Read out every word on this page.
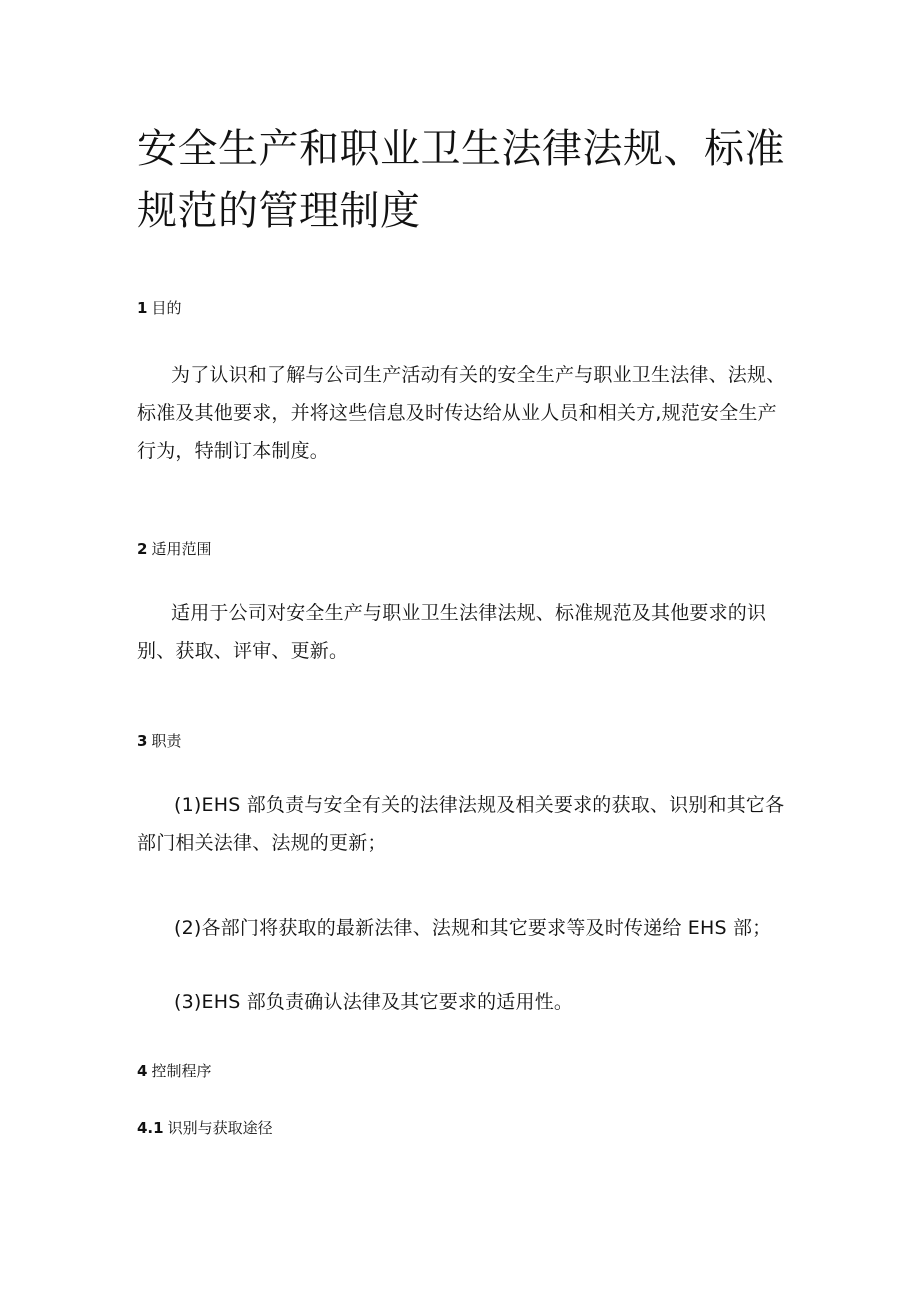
安全生产和职业卫生法律法规、标准规范的管理制度
1 目的

为了认识和了解与公司生产活动有关的安全生产与职业卫生法律、法规、标准及其他要求，并将这些信息及时传达给从业人员和相关方,规范安全生产行为，特制订本制度。

2 适用范围

适用于公司对安全生产与职业卫生法律法规、标准规范及其他要求的识别、获取、评审、更新。

3 职责

(1)EHS 部负责与安全有关的法律法规及相关要求的获取、识别和其它各部门相关法律、法规的更新；

(2)各部门将获取的最新法律、法规和其它要求等及时传递给 EHS 部；

(3)EHS 部负责确认法律及其它要求的适用性。

4 控制程序
4.1 识别与获取途径
